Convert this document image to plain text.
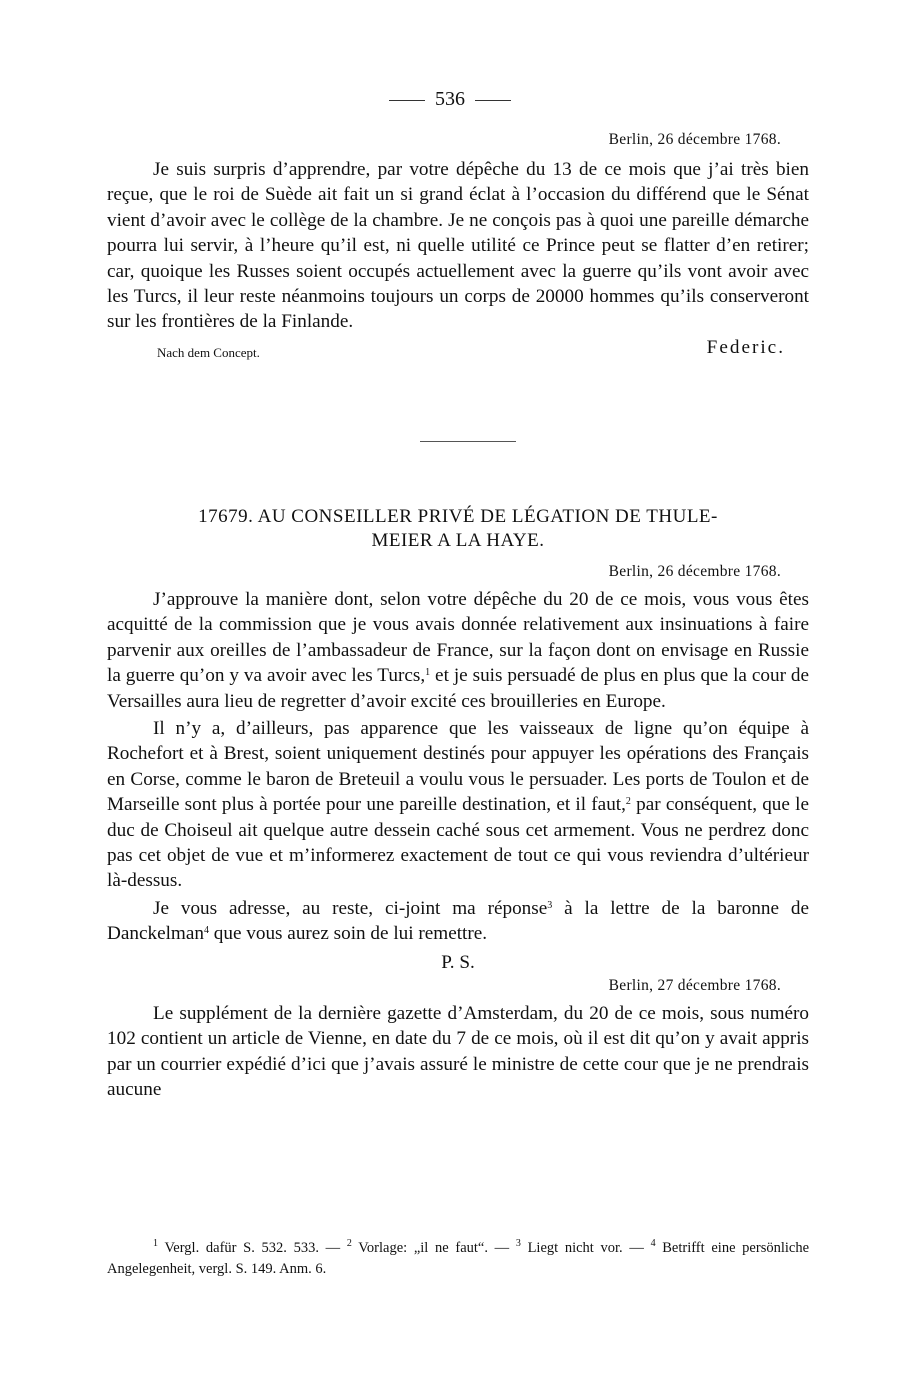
536

Berlin, 26 décembre 1768.

Je suis surpris d’apprendre, par votre dépêche du 13 de ce mois que j’ai très bien reçue, que le roi de Suède ait fait un si grand éclat à l’occasion du différend que le Sénat vient d’avoir avec le collège de la chambre. Je ne conçois pas à quoi une pareille démarche pourra lui servir, à l’heure qu’il est, ni quelle utilité ce Prince peut se flatter d’en retirer; car, quoique les Russes soient occupés actuellement avec la guerre qu’ils vont avoir avec les Turcs, il leur reste néanmoins toujours un corps de 20000 hommes qu’ils conserveront sur les frontières de la Finlande.

Nach dem Concept.	Federic.
17679. AU CONSEILLER PRIVÉ DE LÉGATION DE THULE-
MEIER A LA HAYE.

Berlin, 26 décembre 1768.

J’approuve la manière dont, selon votre dépêche du 20 de ce mois, vous vous êtes acquitté de la commission que je vous avais donnée relativement aux insinuations à faire parvenir aux oreilles de l’ambassadeur de France, sur la façon dont on envisage en Russie la guerre qu’on y va avoir avec les Turcs,$^1$ et je suis persuadé de plus en plus que la cour de Versailles aura lieu de regretter d’avoir excité ces brouilleries en Europe.

Il n’y a, d’ailleurs, pas apparence que les vaisseaux de ligne qu’on équipe à Rochefort et à Brest, soient uniquement destinés pour appuyer les opérations des Français en Corse, comme le baron de Breteuil a voulu vous le persuader. Les ports de Toulon et de Marseille sont plus à portée pour une pareille destination, et il faut,$^2$ par conséquent, que le duc de Choiseul ait quelque autre dessein caché sous cet armement. Vous ne perdrez donc pas cet objet de vue et m’informerez exactement de tout ce qui vous reviendra d’ultérieur là-dessus.

Je vous adresse, au reste, ci-joint ma réponse$^3$ à la lettre de la baronne de Danckelman$^4$ que vous aurez soin de lui remettre.

P. S.

Berlin, 27 décembre 1768.

Le supplément de la dernière gazette d’Amsterdam, du 20 de ce mois, sous numéro 102 contient un article de Vienne, en date du 7 de ce mois, où il est dit qu’on y avait appris par un courrier expédié d’ici que j’avais assuré le ministre de cette cour que je ne prendrais aucune

$^1$ Vergl. dafür S. 532. 533. — $^2$ Vorlage: „il ne faut“. — $^3$ Liegt nicht vor. — $^4$ Betrifft eine persönliche Angelegenheit, vergl. S. 149. Anm. 6.
